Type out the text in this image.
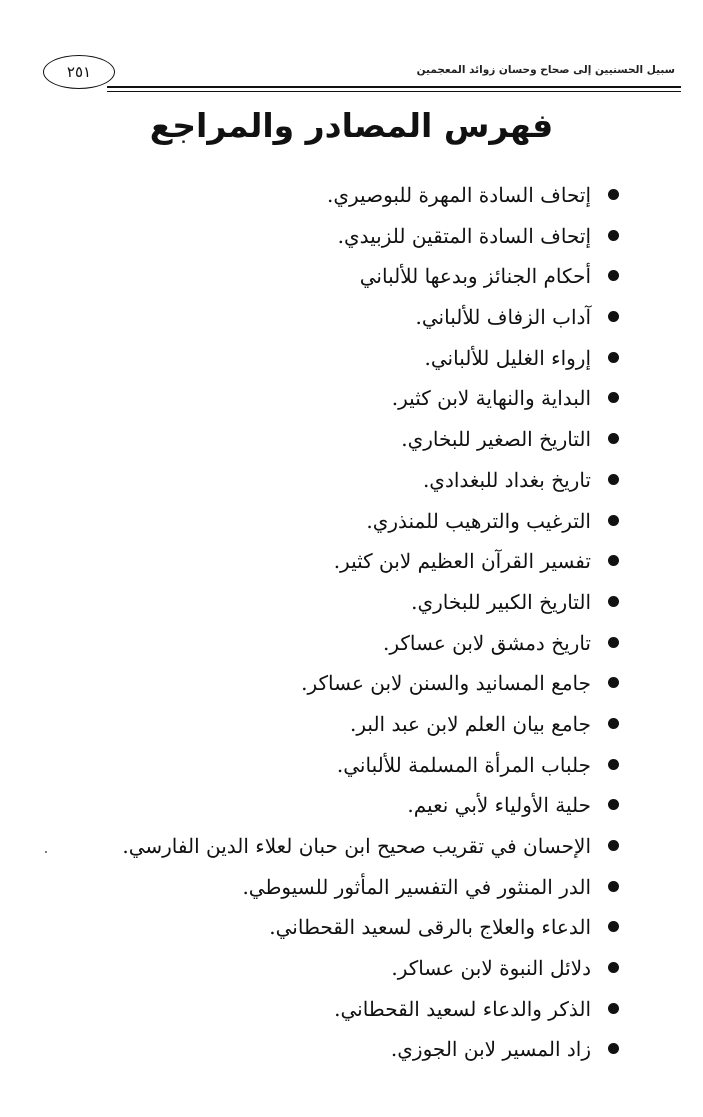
سبيل الحسنيين إلى صحاح وحسان زوائد المعجمين
٢٥١
فهرس المصادر والمراجع
إتحاف السادة المهرة للبوصيري.
إتحاف السادة المتقين للزبيدي.
أحكام الجنائز وبدعها للألباني
آداب الزفاف للألباني.
إرواء الغليل للألباني.
البداية والنهاية لابن كثير.
التاريخ الصغير للبخاري.
تاريخ بغداد للبغدادي.
الترغيب والترهيب للمنذري.
تفسير القرآن العظيم لابن كثير.
التاريخ الكبير للبخاري.
تاريخ دمشق لابن عساكر.
جامع المسانيد والسنن لابن عساكر.
جامع بيان العلم لابن عبد البر.
جلباب المرأة المسلمة للألباني.
حلية الأولياء لأبي نعيم.
الإحسان في تقريب صحيح ابن حبان لعلاء الدين الفارسي.
الدر المنثور في التفسير المأثور للسيوطي.
الدعاء والعلاج بالرقى لسعيد القحطاني.
دلائل النبوة لابن عساكر.
الذكر والدعاء لسعيد القحطاني.
زاد المسير لابن الجوزي.
